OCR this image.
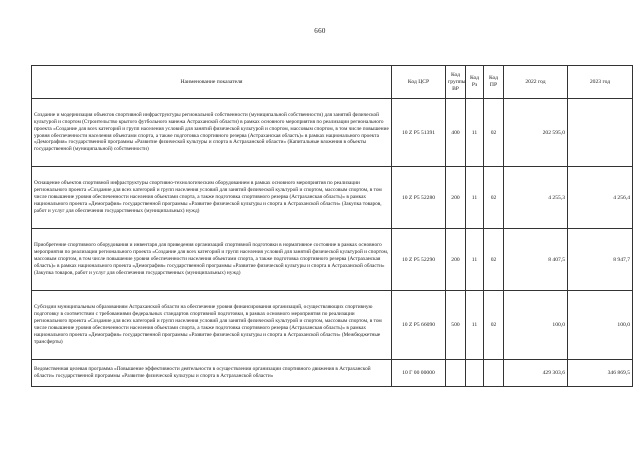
660
Наименование показателя	Код ЦСР	Код группы ВР	Код Рз	Код ПР	2022 год	2023 год
Создание и модернизация объектов спортивной инфраструктуры региональной собственности (муниципальной собственности) для занятий физической культурой и спортом (Строительство крытого футбольного манежа Астраханской области) в рамках основного мероприятия по реализации регионального проекта «Создание для всех категорий и групп населения условий для занятий физической культурой и спортом, массовым спортом, в том числе повышение уровня обеспеченности населения объектами спорта, а также подготовка спортивного резерва (Астраханская область)» в рамках национального проекта «Демография» государственной программы «Развитие физической культуры и спорта в Астраханской области» (Капитальные вложения в объекты государственной (муниципальной) собственности)	10 Z P5 51391	400	11	02	202 595,0	
Оснащение объектов спортивной инфраструктуры спортивно-технологическим оборудованием в рамках основного мероприятия по реализации регионального проекта «Создание для всех категорий и групп населения условий для занятий физической культурой и спортом, массовым спортом, в том числе повышение уровня обеспеченности населения объектами спорта, а также подготовка спортивного резерва (Астраханская область)» в рамках национального проекта «Демография» государственной программы «Развитие физической культуры и спорта в Астраханской области» (Закупка товаров, работ и услуг для обеспечения государственных (муниципальных) нужд)	10 Z P5 52280	200	11	02	4 255,3	4 256,4
Приобретение спортивного оборудования и инвентаря для приведения организаций спортивной подготовки в нормативное состояние в рамках основного мероприятия по реализации регионального проекта «Создание для всех категорий и групп населения условий для занятий физической культурой и спортом, массовым спортом, в том числе повышение уровня обеспеченности населения объектами спорта, а также подготовка спортивного резерва (Астраханская область)» в рамках национального проекта «Демография» государственной программы «Развитие физической культуры и спорта в Астраханской области» (Закупка товаров, работ и услуг для обеспечения государственных (муниципальных) нужд)	10 Z P5 52290	200	11	02	8 407,5	8 947,7
Субсидии муниципальным образованиям Астраханской области на обеспечение уровня финансирования организаций, осуществляющих спортивную подготовку в соответствии с требованиями федеральных стандартов спортивной подготовки, в рамках основного мероприятия по реализации регионального проекта «Создание для всех категорий и групп населения условий для занятий физической культурой и спортом, массовым спортом, в том числе повышение уровня обеспеченности населения объектами спорта, а также подготовка спортивного резерва (Астраханская область)» в рамках национального проекта «Демография» государственной программы «Развитие физической культуры и спорта в Астраханской области» (Межбюджетные трансферты)	10 Z P5 66090	500	11	02	100,0	100,0
Ведомственная целевая программа «Повышение эффективности деятельности в осуществлении организации спортивного движения в Астраханской области» государственной программы «Развитие физической культуры и спорта в Астраханской области»	10 Г 00 00000				429 303,6	346 869,5
